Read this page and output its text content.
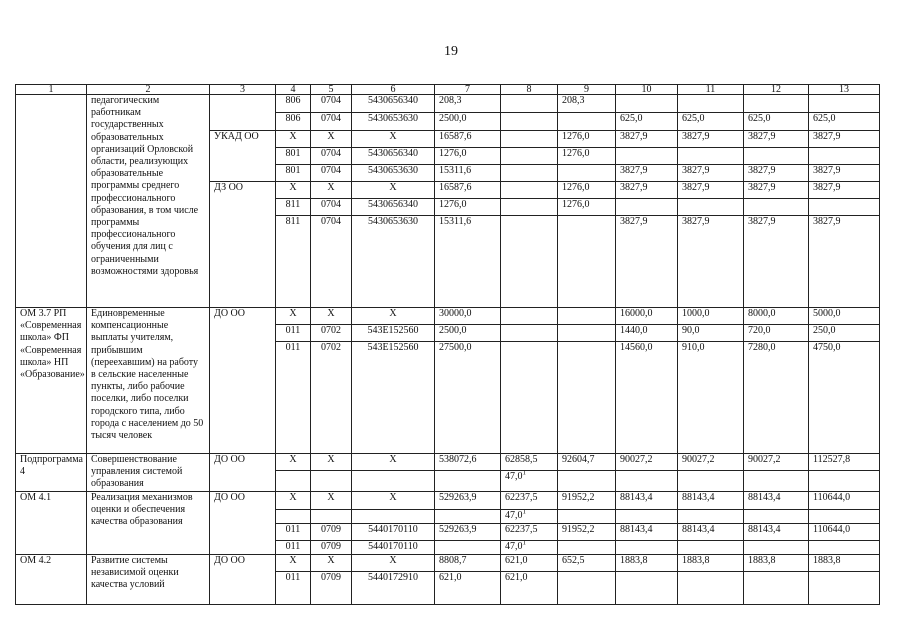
19
1	2	3	4	5	6	7	8	9	10	11	12	13
	педагогическим работникам государственных образовательных организаций Орловской области, реализующих образовательные программы среднего профессионального образования, в том числе программы профессионального обучения для лиц с ограниченными возможностями здоровья		806	0704	5430656340	208,3		208,3				
			806	0704	5430653630	2500,0			625,0	625,0	625,0	625,0
		УКАД ОО	X	X	X	16587,6		1276,0	3827,9	3827,9	3827,9	3827,9
			801	0704	5430656340	1276,0		1276,0				
			801	0704	5430653630	15311,6			3827,9	3827,9	3827,9	3827,9
		ДЗ ОО	X	X	X	16587,6		1276,0	3827,9	3827,9	3827,9	3827,9
			811	0704	5430656340	1276,0		1276,0				
			811	0704	5430653630	15311,6			3827,9	3827,9	3827,9	3827,9
ОМ 3.7 РП «Современная школа» ФП «Современная школа» НП «Образование»	Единовременные компенсационные выплаты учителям, прибывшим (переехавшим) на работу в сельские населенные пункты, либо рабочие поселки, либо поселки городского типа, либо города с населением до 50 тысяч человек	ДО ОО	X	X	X	30000,0			16000,0	1000,0	8000,0	5000,0
			011	0702	543Е152560	2500,0			1440,0	90,0	720,0	250,0
			011	0702	543Е152560	27500,0			14560,0	910,0	7280,0	4750,0
Подпрограмма 4	Совершенствование управления системой образования	ДО ОО	X	X	X	538072,6	62858,5	92604,7	90027,2	90027,2	90027,2	112527,8
							47,0$^1$					
ОМ 4.1	Реализация механизмов оценки и обеспечения качества образования	ДО ОО	X	X	X	529263,9	62237,5	91952,2	88143,4	88143,4	88143,4	110644,0
							47,0$^1$					
			011	0709	5440170110	529263,9	62237,5	91952,2	88143,4	88143,4	88143,4	110644,0
			011	0709	5440170110		47,0$^1$					
ОМ 4.2	Развитие системы независимой оценки качества условий	ДО ОО	X	X	X	8808,7	621,0	652,5	1883,8	1883,8	1883,8	1883,8
			011	0709	5440172910	621,0	621,0					
